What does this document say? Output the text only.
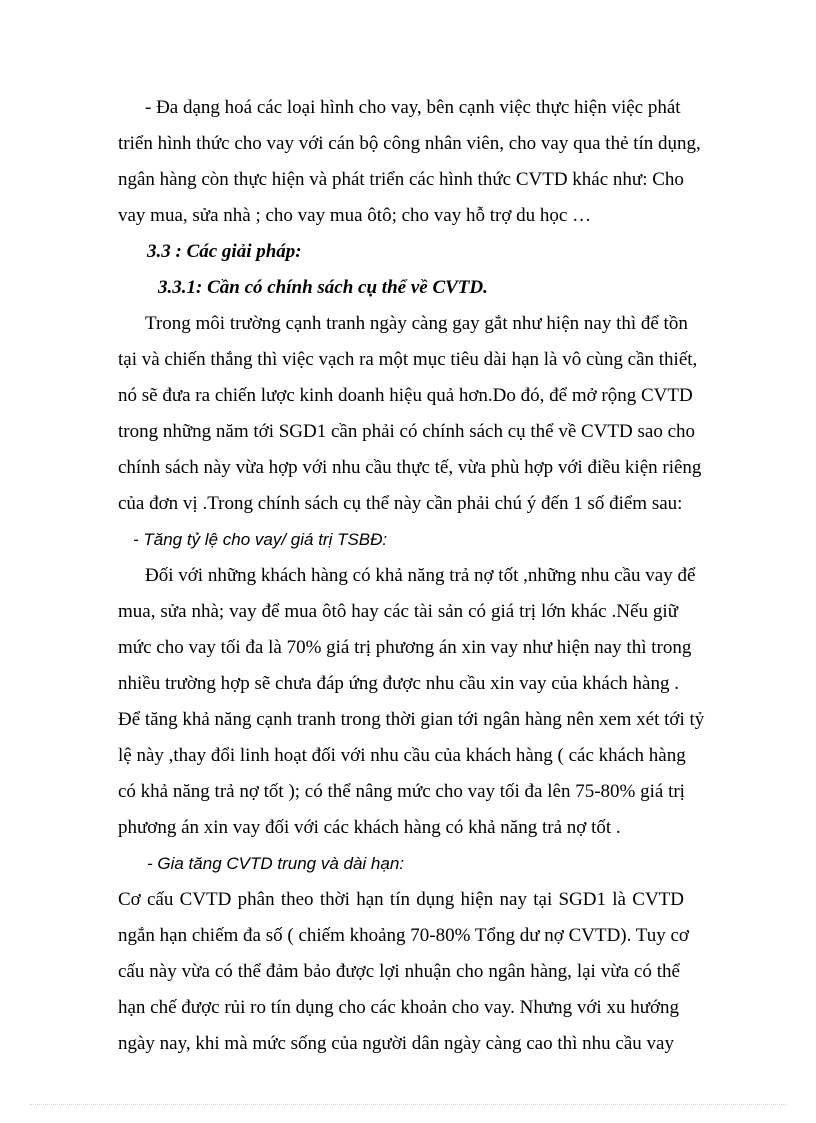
- Đa dạng hoá các loại hình cho vay, bên cạnh việc thực hiện việc phát
triển hình thức cho vay với cán bộ công nhân viên, cho vay qua thẻ tín dụng,
ngân hàng còn thực hiện và phát triển các hình thức CVTD khác như: Cho
vay mua, sửa nhà ; cho vay mua ôtô; cho vay hỗ trợ du học …
3.3 : Các giải pháp:
3.3.1: Cần có chính sách cụ thể về CVTD.
Trong môi trường cạnh tranh ngày càng gay gắt như hiện nay thì để tồn
tại và chiến thắng thì việc vạch ra một mục tiêu dài hạn là vô cùng cần thiết,
nó sẽ đưa ra chiến lược kinh doanh hiệu quả hơn.Do đó, để mở rộng CVTD
trong những năm tới SGD1 cần phải có chính sách cụ thể về CVTD sao cho
chính sách này vừa hợp với nhu cầu thực tế, vừa phù hợp với điều kiện riêng
của đơn vị .Trong chính sách cụ thể này cần phải chú ý đến 1 số điểm sau:
- Tăng tỷ lệ cho vay/ giá trị TSBĐ:
Đối với những khách hàng có khả năng trả nợ tốt ,những nhu cầu vay để
mua, sửa nhà; vay để mua ôtô hay các tài sản có giá trị lớn khác .Nếu giữ
mức cho vay tối đa là 70% giá trị phương án xin vay như hiện nay thì trong
nhiều trường hợp sẽ chưa đáp ứng được nhu cầu xin vay của khách hàng .
Để tăng khả năng cạnh tranh trong thời gian tới ngân hàng nên xem xét tới tỷ
lệ này ,thay đổi linh hoạt đối với nhu cầu của khách hàng ( các khách hàng
có khả năng trả nợ tốt ); có thể nâng mức cho vay tối đa lên 75-80% giá trị
phương án xin vay đối với các khách hàng có khả năng trả nợ tốt .
- Gia tăng CVTD trung và dài hạn:
Cơ cấu CVTD phân theo thời hạn tín dụng hiện nay tại SGD1 là CVTD
ngắn hạn chiếm đa số ( chiếm khoảng 70-80% Tổng dư nợ CVTD). Tuy cơ
cấu này vừa có thể đảm bảo được lợi nhuận cho ngân hàng, lại vừa có thể
hạn chế được rủi ro tín dụng cho các khoản cho vay. Nhưng với xu hướng
ngày nay, khi mà mức sống của người dân ngày càng cao thì nhu cầu vay
